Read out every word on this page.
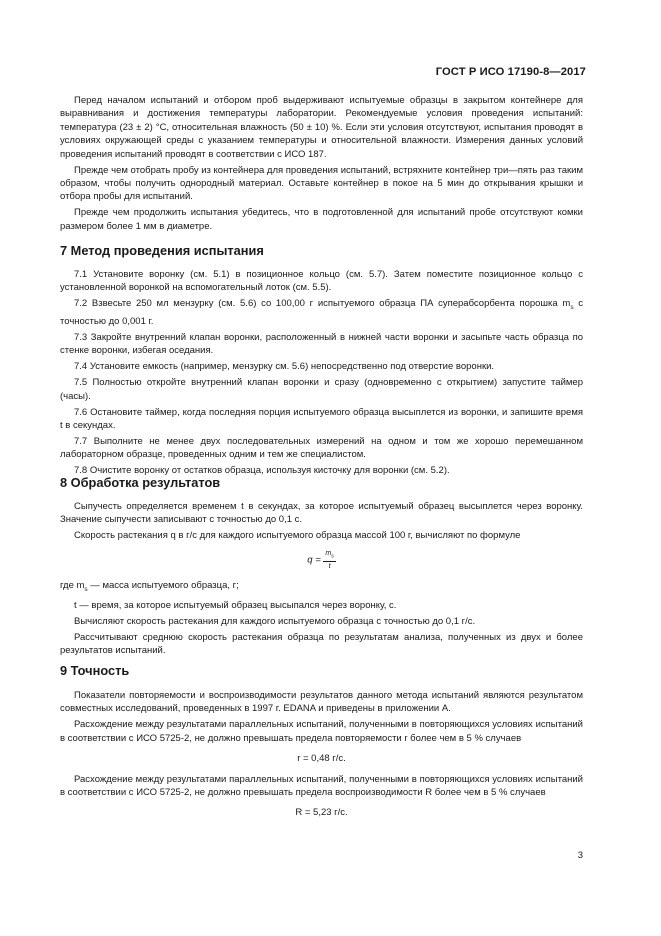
ГОСТ Р ИСО 17190-8—2017

Перед началом испытаний и отбором проб выдерживают испытуемые образцы в закрытом контейнере для выравнивания и достижения температуры лаборатории. Рекомендуемые условия проведения испытаний: температура (23 ± 2) °C, относительная влажность (50 ± 10) %. Если эти условия отсутствуют, испытания проводят в условиях окружающей среды с указанием температуры и относительной влажности. Измерения данных условий проведения испытаний проводят в соответствии с ИСО 187.

Прежде чем отобрать пробу из контейнера для проведения испытаний, встряхните контейнер три—пять раз таким образом, чтобы получить однородный материал. Оставьте контейнер в покое на 5 мин до открывания крышки и отбора пробы для испытаний.

Прежде чем продолжить испытания убедитесь, что в подготовленной для испытаний пробе отсутствуют комки размером более 1 мм в диаметре.

7 Метод проведения испытания

7.1 Установите воронку (см. 5.1) в позиционное кольцо (см. 5.7). Затем поместите позиционное кольцо с установленной воронкой на вспомогательный лоток (см. 5.5).

7.2 Взвесьте 250 мл мензурку (см. 5.6) со 100,00 г испытуемого образца ПА суперабсорбента порошка $m_s$ с точностью до 0,001 г.

7.3 Закройте внутренний клапан воронки, расположенный в нижней части воронки и засыпьте часть образца по стенке воронки, избегая оседания.

7.4 Установите емкость (например, мензурку см. 5.6) непосредственно под отверстие воронки.

7.5 Полностью откройте внутренний клапан воронки и сразу (одновременно с открытием) запустите таймер (часы).

7.6 Остановите таймер, когда последняя порция испытуемого образца высыплется из воронки, и запишите время t в секундах.

7.7 Выполните не менее двух последовательных измерений на одном и том же хорошо перемешанном лабораторном образце, проведенных одним и тем же специалистом.

7.8 Очистите воронку от остатков образца, используя кисточку для воронки (см. 5.2).

8 Обработка результатов

Сыпучесть определяется временем t в секундах, за которое испытуемый образец высыплется через воронку. Значение сыпучести записывают с точностью до 0,1 с.

Скорость растекания q в г/с для каждого испытуемого образца массой 100 г, вычисляют по формуле

$q = \frac{m_s}{t}$

где $m_s$ — масса испытуемого образца, г;

t — время, за которое испытуемый образец высыпался через воронку, с.

Вычисляют скорость растекания для каждого испытуемого образца с точностью до 0,1 г/с.

Рассчитывают среднюю скорость растекания образца по результатам анализа, полученных из двух и более результатов испытаний.

9 Точность

Показатели повторяемости и воспроизводимости результатов данного метода испытаний являются результатом совместных исследований, проведенных в 1997 г. EDANA и приведены в приложении А.

Расхождение между результатами параллельных испытаний, полученными в повторяющихся условиях испытаний в соответствии с ИСО 5725-2, не должно превышать предела повторяемости r более чем в 5 % случаев

r = 0,48 г/с.

Расхождение между результатами параллельных испытаний, полученными в повторяющихся условиях испытаний в соответствии с ИСО 5725-2, не должно превышать предела воспроизводимости R более чем в 5 % случаев

R = 5,23 г/с.

3
